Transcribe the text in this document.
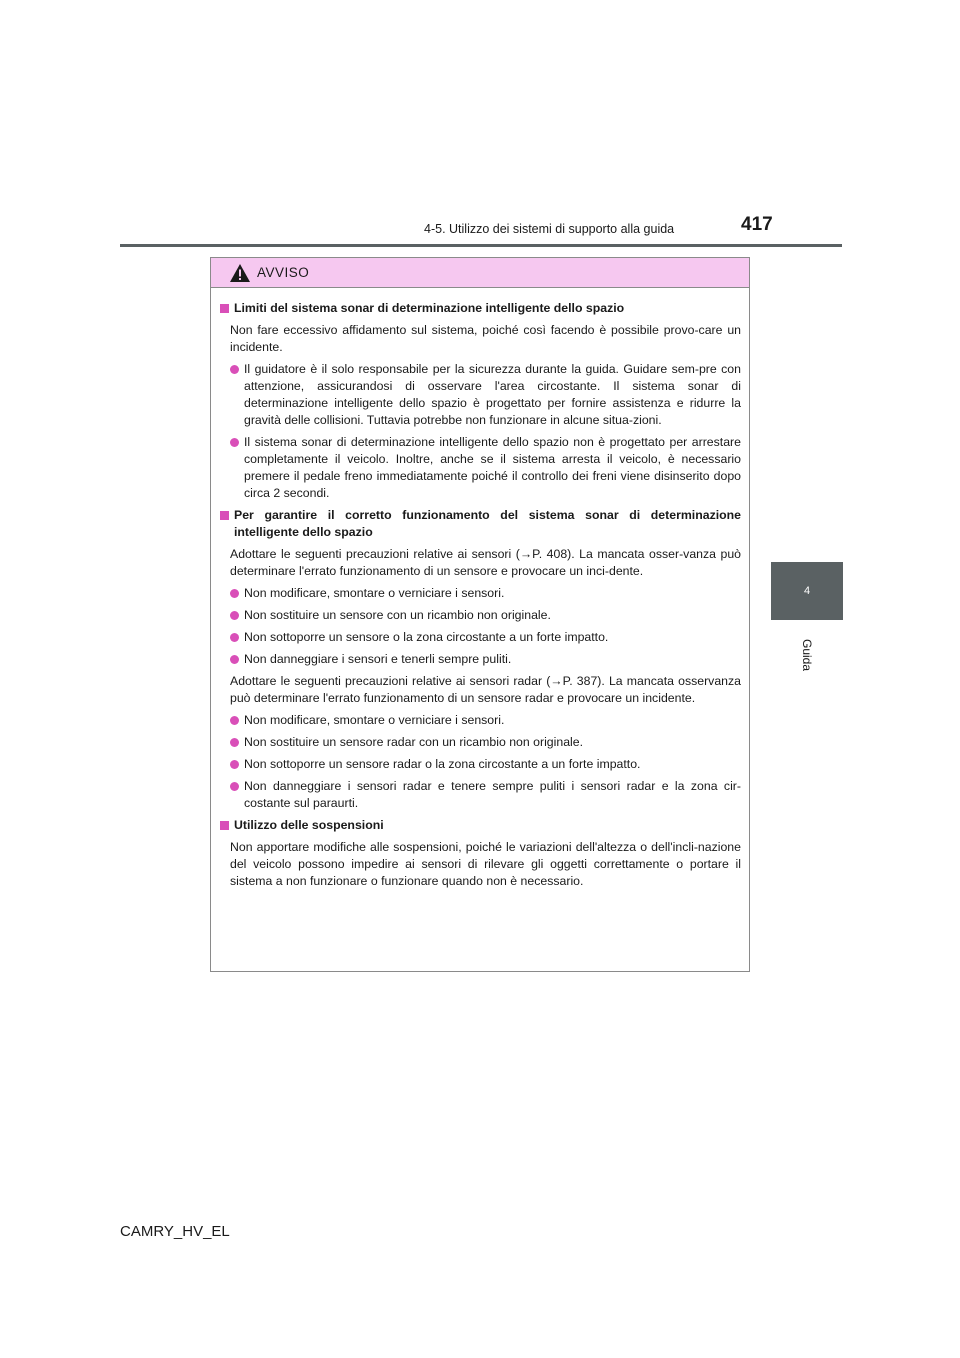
4-5. Utilizzo dei sistemi di supporto alla guida	417
4
Guida
AVVISO
Limiti del sistema sonar di determinazione intelligente dello spazio
Non fare eccessivo affidamento sul sistema, poiché così facendo è possibile provo-care un incidente.
Il guidatore è il solo responsabile per la sicurezza durante la guida. Guidare sem-pre con attenzione, assicurandosi di osservare l'area circostante. Il sistema sonar di determinazione intelligente dello spazio è progettato per fornire assistenza e ridurre la gravità delle collisioni. Tuttavia potrebbe non funzionare in alcune situa-zioni.
Il sistema sonar di determinazione intelligente dello spazio non è progettato per arrestare completamente il veicolo. Inoltre, anche se il sistema arresta il veicolo, è necessario premere il pedale freno immediatamente poiché il controllo dei freni viene disinserito dopo circa 2 secondi.
Per garantire il corretto funzionamento del sistema sonar di determinazione intelligente dello spazio
Adottare le seguenti precauzioni relative ai sensori (→P. 408). La mancata osser-vanza può determinare l'errato funzionamento di un sensore e provocare un inci-dente.
Non modificare, smontare o verniciare i sensori.
Non sostituire un sensore con un ricambio non originale.
Non sottoporre un sensore o la zona circostante a un forte impatto.
Non danneggiare i sensori e tenerli sempre puliti.
Adottare le seguenti precauzioni relative ai sensori radar (→P. 387). La mancata osservanza può determinare l'errato funzionamento di un sensore radar e provocare un incidente.
Non modificare, smontare o verniciare i sensori.
Non sostituire un sensore radar con un ricambio non originale.
Non sottoporre un sensore radar o la zona circostante a un forte impatto.
Non danneggiare i sensori radar e tenere sempre puliti i sensori radar e la zona cir-costante sul paraurti.
Utilizzo delle sospensioni
Non apportare modifiche alle sospensioni, poiché le variazioni dell'altezza o dell'incli-nazione del veicolo possono impedire ai sensori di rilevare gli oggetti correttamente o portare il sistema a non funzionare o funzionare quando non è necessario.
CAMRY_HV_EL
